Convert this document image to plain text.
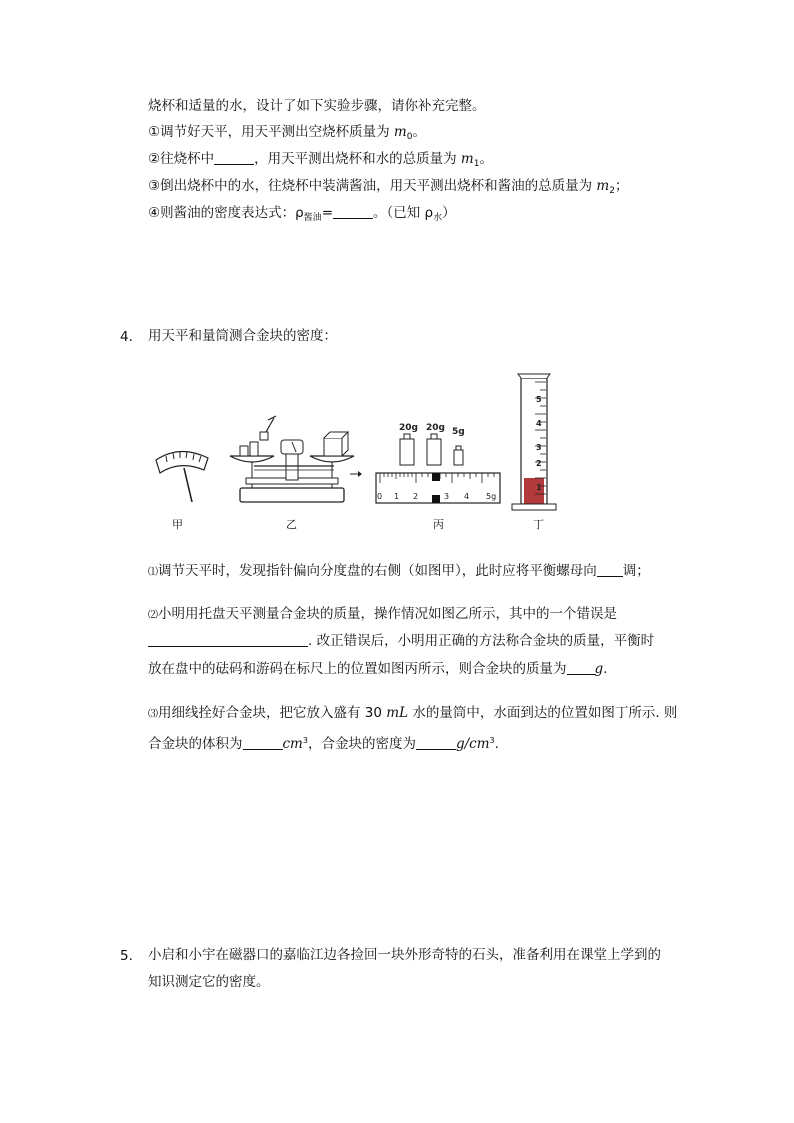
烧杯和适量的水，设计了如下实验步骤，请你补充完整。
①调节好天平，用天平测出空烧杯质量为 $m_0$。
②往烧杯中	，用天平测出烧杯和水的总质量为 $m_1$。
③倒出烧杯中的水，往烧杯中装满酱油，用天平测出烧杯和酱油的总质量为 $m_2$；
④则酱油的密度表达式：$\rho_{酱油}=$	。（已知 $\rho_水$）
4. 用天平和量筒测合金块的密度：
20g 20g 5g
0 1 2	3 4 5g
5
4
3
2
1
甲	乙	丙	丁
⑴调节天平时，发现指针偏向分度盘的右侧（如图甲），此时应将平衡螺母向 调；
⑵小明用托盘天平测量合金块的质量，操作情况如图乙所示，其中的一个错误是
. 改正错误后，小明用正确的方法称合金块的质量，平衡时
放在盘中的砝码和游码在标尺上的位置如图丙所示，则合金块的质量为 g.
⑶用细线拴好合金块，把它放入盛有 30 mL 水的量筒中，水面到达的位置如图丁所示. 则
合金块的体积为	$cm^3$，合金块的密度为	$g/cm^3$.
5. 小启和小宇在磁器口的嘉临江边各捡回一块外形奇特的石头，准备利用在课堂上学到的
知识测定它的密度。
